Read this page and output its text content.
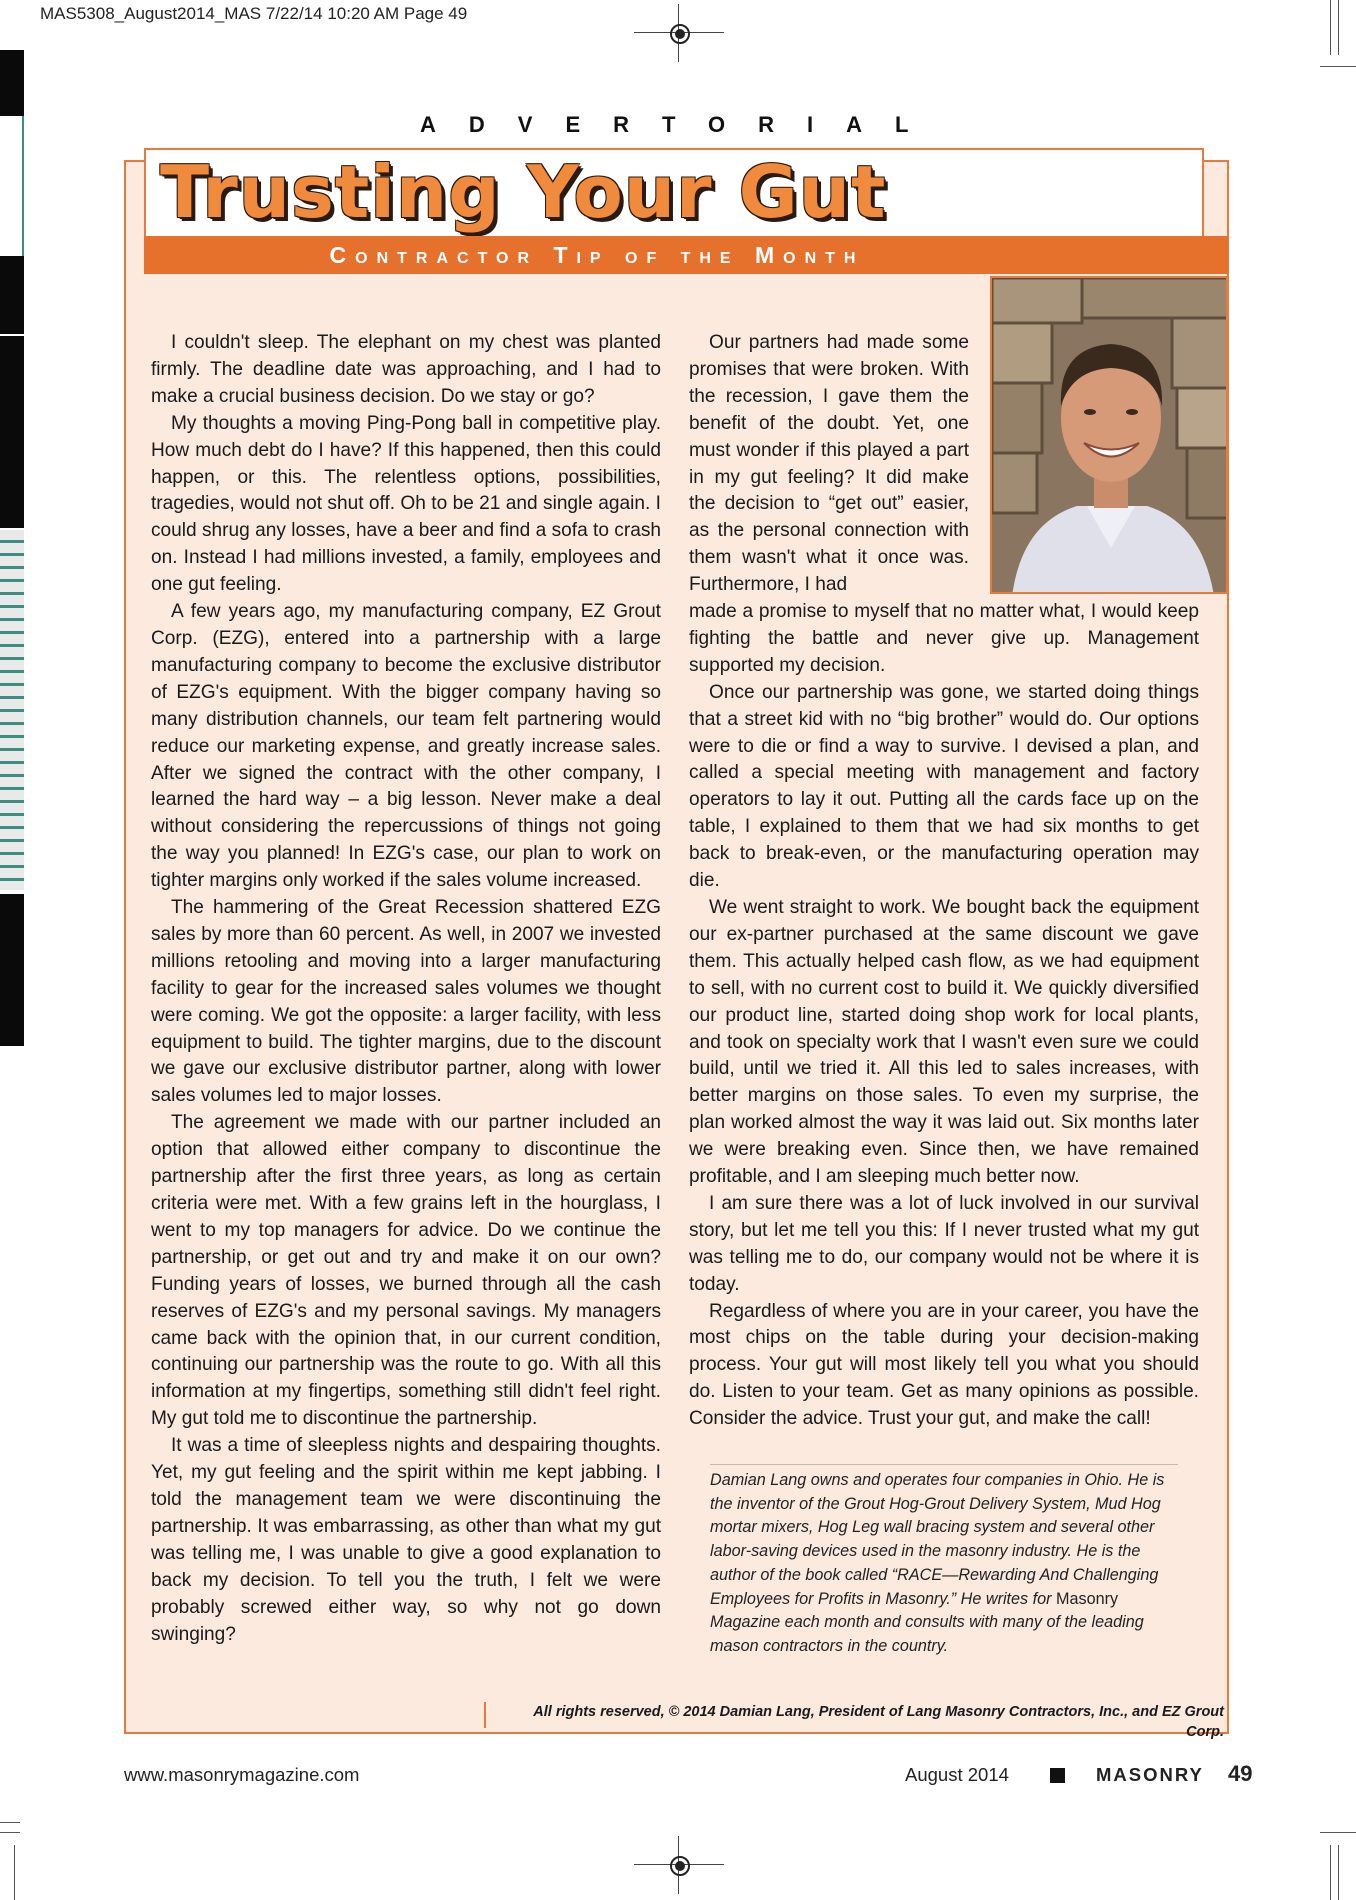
MAS5308_August2014_MAS 7/22/14 10:20 AM Page 49
ADVERTORIAL
Trusting Your Gut
Contractor Tip of the Month

I couldn't sleep. The elephant on my chest was planted firmly. The deadline date was approaching, and I had to make a crucial business decision. Do we stay or go?

My thoughts a moving Ping-Pong ball in competitive play. How much debt do I have? If this happened, then this could happen, or this. The relentless options, possibilities, tragedies, would not shut off. Oh to be 21 and single again. I could shrug any losses, have a beer and find a sofa to crash on. Instead I had millions invested, a family, employees and one gut feeling.

A few years ago, my manufacturing company, EZ Grout Corp. (EZG), entered into a partnership with a large manufacturing company to become the exclusive distributor of EZG's equipment. With the bigger company having so many distribution channels, our team felt partnering would reduce our marketing expense, and greatly increase sales. After we signed the contract with the other company, I learned the hard way – a big lesson. Never make a deal without considering the repercussions of things not going the way you planned! In EZG's case, our plan to work on tighter margins only worked if the sales volume increased.

The hammering of the Great Recession shattered EZG sales by more than 60 percent. As well, in 2007 we invested millions retooling and moving into a larger manufacturing facility to gear for the increased sales volumes we thought were coming. We got the opposite: a larger facility, with less equipment to build. The tighter margins, due to the discount we gave our exclusive distributor partner, along with lower sales volumes led to major losses.

The agreement we made with our partner included an option that allowed either company to discontinue the partnership after the first three years, as long as certain criteria were met. With a few grains left in the hourglass, I went to my top managers for advice. Do we continue the partnership, or get out and try and make it on our own? Funding years of losses, we burned through all the cash reserves of EZG's and my personal savings. My managers came back with the opinion that, in our current condition, continuing our partnership was the route to go. With all this information at my fingertips, something still didn't feel right. My gut told me to discontinue the partnership.

It was a time of sleepless nights and despairing thoughts. Yet, my gut feeling and the spirit within me kept jabbing. I told the management team we were discontinuing the partnership. It was embarrassing, as other than what my gut was telling me, I was unable to give a good explanation to back my decision. To tell you the truth, I felt we were probably screwed either way, so why not go down swinging?

Our partners had made some promises that were broken. With the recession, I gave them the benefit of the doubt. Yet, one must wonder if this played a part in my gut feeling? It did make the decision to “get out” easier, as the personal connection with them wasn't what it once was. Furthermore, I had

made a promise to myself that no matter what, I would keep fighting the battle and never give up. Management supported my decision.

Once our partnership was gone, we started doing things that a street kid with no “big brother” would do. Our options were to die or find a way to survive. I devised a plan, and called a special meeting with management and factory operators to lay it out. Putting all the cards face up on the table, I explained to them that we had six months to get back to break-even, or the manufacturing operation may die.

We went straight to work. We bought back the equipment our ex-partner purchased at the same discount we gave them. This actually helped cash flow, as we had equipment to sell, with no current cost to build it. We quickly diversified our product line, started doing shop work for local plants, and took on specialty work that I wasn't even sure we could build, until we tried it. All this led to sales increases, with better margins on those sales. To even my surprise, the plan worked almost the way it was laid out. Six months later we were breaking even. Since then, we have remained profitable, and I am sleeping much better now.

I am sure there was a lot of luck involved in our survival story, but let me tell you this: If I never trusted what my gut was telling me to do, our company would not be where it is today.

Regardless of where you are in your career, you have the most chips on the table during your decision-making process. Your gut will most likely tell you what you should do. Listen to your team. Get as many opinions as possible. Consider the advice. Trust your gut, and make the call!

Damian Lang owns and operates four companies in Ohio. He is the inventor of the Grout Hog-Grout Delivery System, Mud Hog mortar mixers, Hog Leg wall bracing system and several other labor-saving devices used in the masonry industry. He is the author of the book called “RACE—Rewarding And Challenging Employees for Profits in Masonry.” He writes for Masonry Magazine each month and consults with many of the leading mason contractors in the country.
All rights reserved, © 2014 Damian Lang, President of Lang Masonry Contractors, Inc., and EZ Grout Corp.
www.masonrymagazine.com	August 2014	MASONRY 49
